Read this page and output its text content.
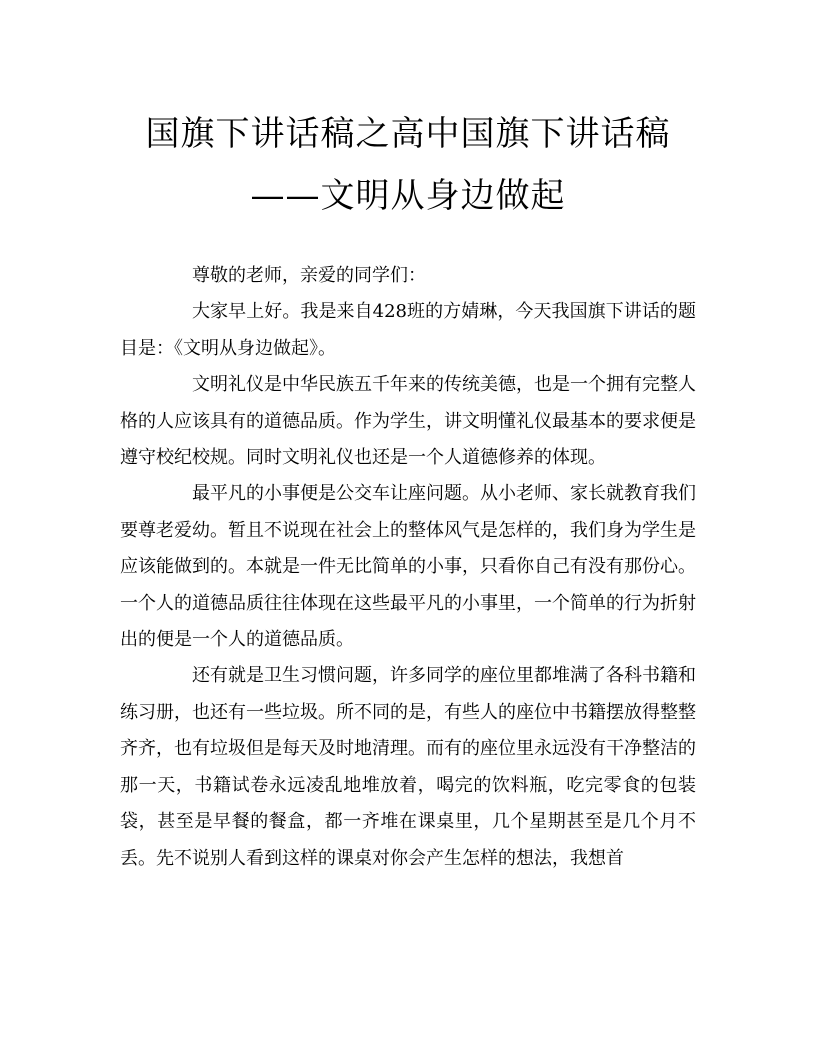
国旗下讲话稿之高中国旗下讲话稿
——文明从身边做起

尊敬的老师，亲爱的同学们：

大家早上好。我是来自428班的方婧琳，今天我国旗下讲话的题目是：《文明从身边做起》。

文明礼仪是中华民族五千年来的传统美德，也是一个拥有完整人格的人应该具有的道德品质。作为学生，讲文明懂礼仪最基本的要求便是遵守校纪校规。同时文明礼仪也还是一个人道德修养的体现。

最平凡的小事便是公交车让座问题。从小老师、家长就教育我们要尊老爱幼。暂且不说现在社会上的整体风气是怎样的，我们身为学生是应该能做到的。本就是一件无比简单的小事，只看你自己有没有那份心。一个人的道德品质往往体现在这些最平凡的小事里，一个简单的行为折射出的便是一个人的道德品质。

还有就是卫生习惯问题，许多同学的座位里都堆满了各科书籍和练习册，也还有一些垃圾。所不同的是，有些人的座位中书籍摆放得整整齐齐，也有垃圾但是每天及时地清理。而有的座位里永远没有干净整洁的那一天，书籍试卷永远凌乱地堆放着，喝完的饮料瓶，吃完零食的包装袋，甚至是早餐的餐盒，都一齐堆在课桌里，几个星期甚至是几个月不丢。先不说别人看到这样的课桌对你会产生怎样的想法，我想首
